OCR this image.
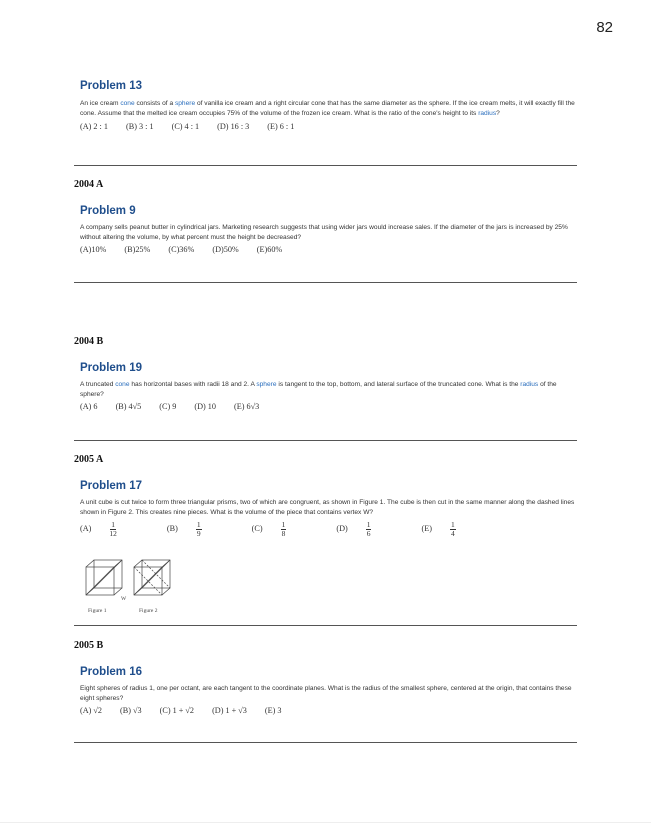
82
Problem 13
An ice cream cone consists of a sphere of vanilla ice cream and a right circular cone that has the same diameter as the sphere. If the ice cream melts, it will exactly fill the cone. Assume that the melted ice cream occupies 75% of the volume of the frozen ice cream. What is the ratio of the cone's height to its radius?
(A) 2 : 1 (B) 3 : 1 (C) 4 : 1 (D) 16 : 3 (E) 6 : 1
2004 A
Problem 9
A company sells peanut butter in cylindrical jars. Marketing research suggests that using wider jars would increase sales. If the diameter of the jars is increased by 25% without altering the volume, by what percent must the height be decreased?
(A)10% (B)25% (C)36% (D)50% (E)60%
2004 B
Problem 19
A truncated cone has horizontal bases with radii 18 and 2. A sphere is tangent to the top, bottom, and lateral surface of the truncated cone. What is the radius of the sphere?
(A) 6 (B) 4√5 (C) 9 (D) 10 (E) 6√3
2005 A
Problem 17
A unit cube is cut twice to form three triangular prisms, two of which are congruent, as shown in Figure 1. The cube is then cut in the same manner along the dashed lines shown in Figure 2. This creates nine pieces. What is the volume of the piece that contains vertex W?
$(A) \frac{1}{12}$	$(B) \frac{1}{9}$	$(C) \frac{1}{8}$	$(D) \frac{1}{6}$	$(E) \frac{1}{4}$
Figure 1	Figure 2
W
2005 B
Problem 16
Eight spheres of radius 1, one per octant, are each tangent to the coordinate planes. What is the radius of the smallest sphere, centered at the origin, that contains these eight spheres?
(A) √2 (B) √3 (C) 1 + √2 (D) 1 + √3 (E) 3
